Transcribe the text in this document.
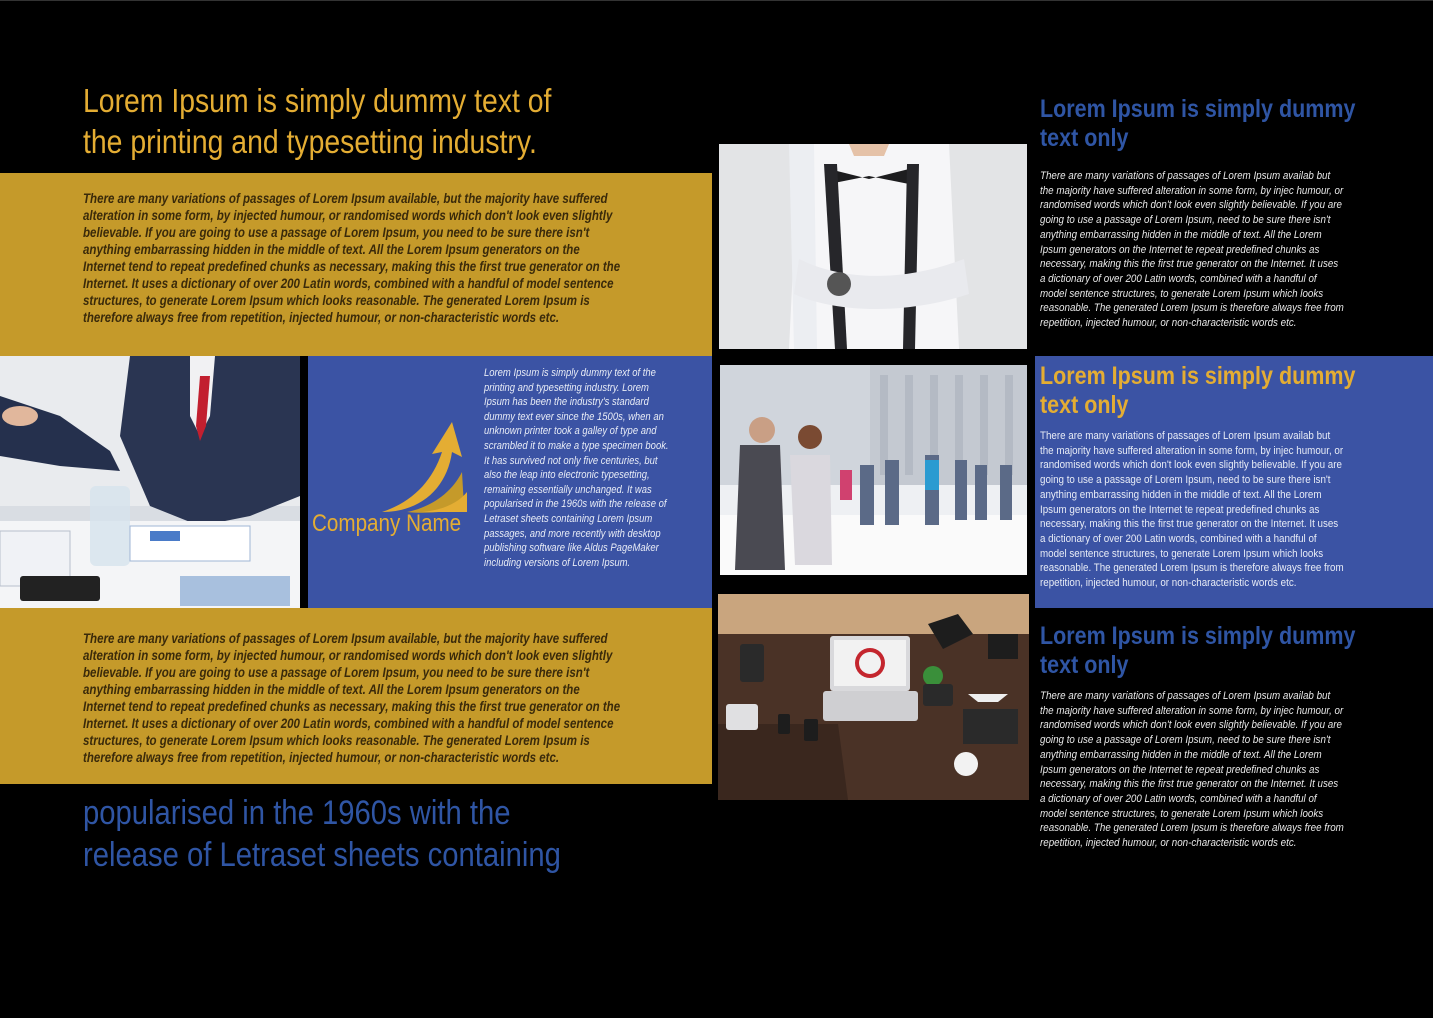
Lorem Ipsum is simply dummy text of
the printing and typesetting industry.

There are many variations of passages of Lorem Ipsum available, but the majority have suffered alteration in some form, by injected humour, or randomised words which don't look even slightly believable. If you are going to use a passage of Lorem Ipsum, you need to be sure there isn't anything embarrassing hidden in the middle of text. All the Lorem Ipsum generators on the Internet tend to repeat predefined chunks as necessary, making this the first true generator on the Internet. It uses a dictionary of over 200 Latin words, combined with a handful of model sentence structures, to generate Lorem Ipsum which looks reasonable. The generated Lorem Ipsum is therefore always free from repetition, injected humour, or non-characteristic words etc.

Company Name

Lorem Ipsum is simply dummy text of the printing and typesetting industry. Lorem Ipsum has been the industry's standard dummy text ever since the 1500s, when an unknown printer took a galley of type and scrambled it to make a type specimen book. It has survived not only five centuries, but also the leap into electronic typesetting, remaining essentially unchanged. It was popularised in the 1960s with the release of Letraset sheets containing Lorem Ipsum passages, and more recently with desktop publishing software like Aldus PageMaker including versions of Lorem Ipsum.

There are many variations of passages of Lorem Ipsum available, but the majority have suffered alteration in some form, by injected humour, or randomised words which don't look even slightly believable. If you are going to use a passage of Lorem Ipsum, you need to be sure there isn't anything embarrassing hidden in the middle of text. All the Lorem Ipsum generators on the Internet tend to repeat predefined chunks as necessary, making this the first true generator on the Internet. It uses a dictionary of over 200 Latin words, combined with a handful of model sentence structures, to generate Lorem Ipsum which looks reasonable. The generated Lorem Ipsum is therefore always free from repetition, injected humour, or non-characteristic words etc.

popularised in the 1960s with the
release of Letraset sheets containing

Lorem Ipsum is simply dummy text only

There are many variations of passages of Lorem Ipsum availab but the majority have suffered alteration in some form, by injec humour, or randomised words which don't look even slightly believable. If you are going to use a passage of Lorem Ipsum, need to be sure there isn't anything embarrassing hidden in the middle of text. All the Lorem Ipsum generators on the Internet te repeat predefined chunks as necessary, making this the first true generator on the Internet. It uses a dictionary of over 200 Latin words, combined with a handful of model sentence structures, to generate Lorem Ipsum which looks reasonable. The generated Lorem Ipsum is therefore always free from repetition, injected humour, or non-characteristic words etc.

Lorem Ipsum is simply dummy text only

There are many variations of passages of Lorem Ipsum availab but the majority have suffered alteration in some form, by injec humour, or randomised words which don't look even slightly believable. If you are going to use a passage of Lorem Ipsum, need to be sure there isn't anything embarrassing hidden in the middle of text. All the Lorem Ipsum generators on the Internet te repeat predefined chunks as necessary, making this the first true generator on the Internet. It uses a dictionary of over 200 Latin words, combined with a handful of model sentence structures, to generate Lorem Ipsum which looks reasonable. The generated Lorem Ipsum is therefore always free from repetition, injected humour, or non-characteristic words etc.

Lorem Ipsum is simply dummy text only

There are many variations of passages of Lorem Ipsum availab but the majority have suffered alteration in some form, by injec humour, or randomised words which don't look even slightly believable. If you are going to use a passage of Lorem Ipsum, need to be sure there isn't anything embarrassing hidden in the middle of text. All the Lorem Ipsum generators on the Internet te repeat predefined chunks as necessary, making this the first true generator on the Internet. It uses a dictionary of over 200 Latin words, combined with a handful of model sentence structures, to generate Lorem Ipsum which looks reasonable. The generated Lorem Ipsum is therefore always free from repetition, injected humour, or non-characteristic words etc.
